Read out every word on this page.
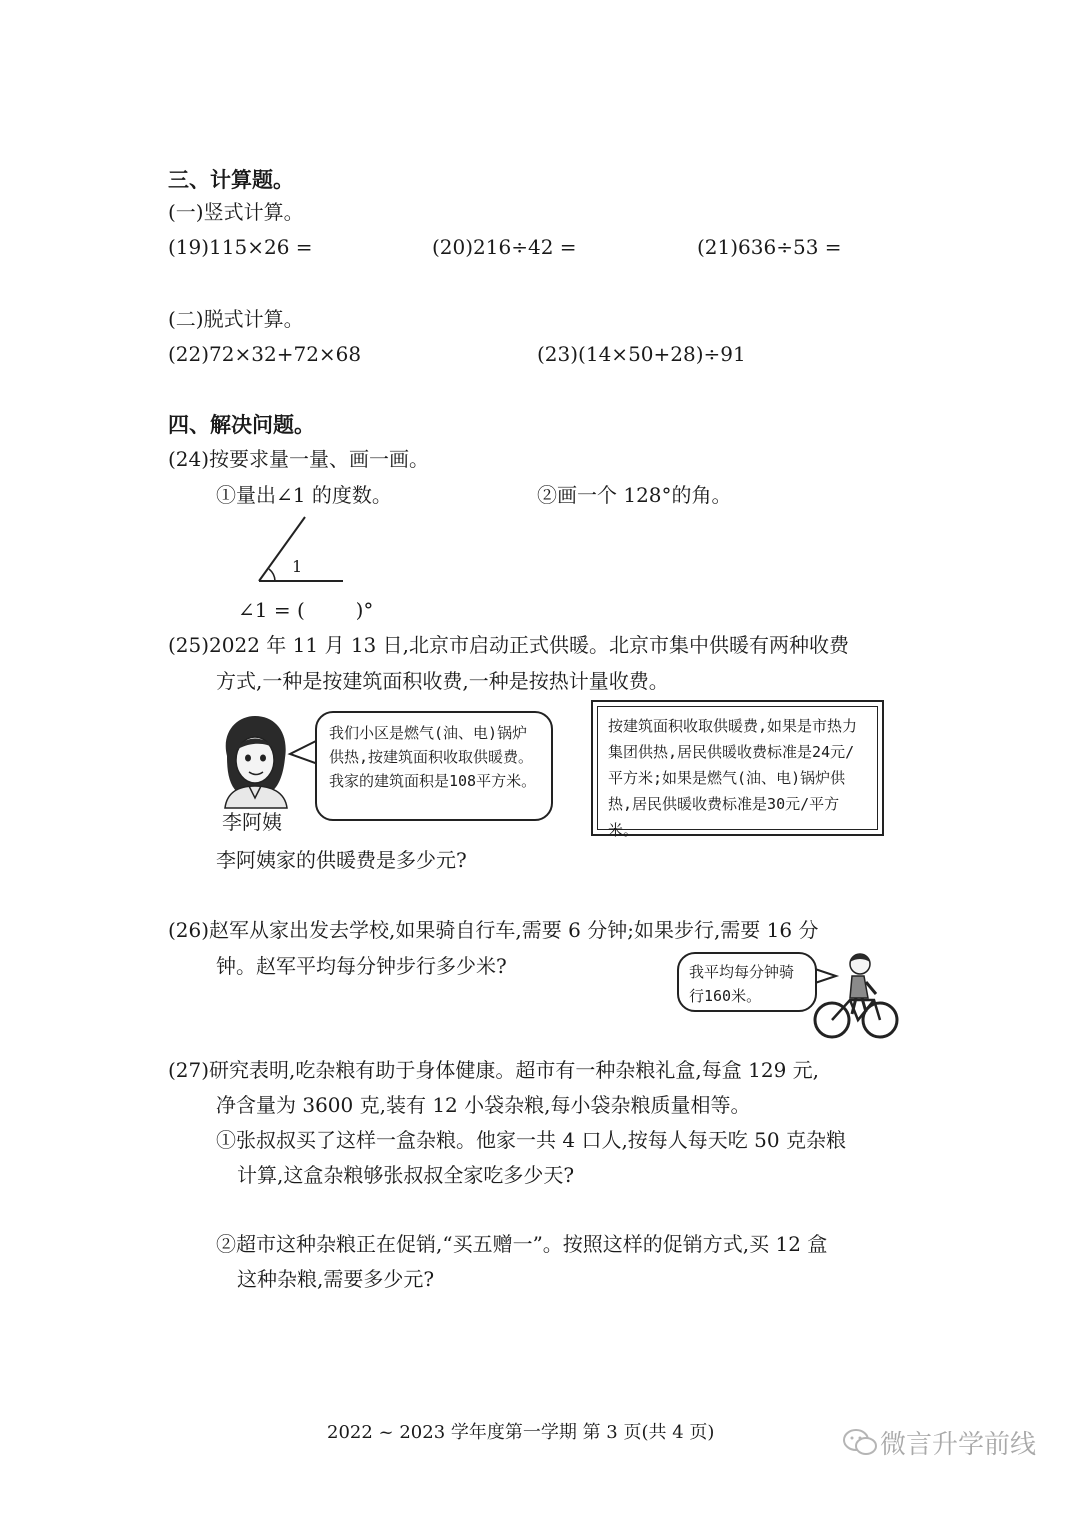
三、计算题。
(一)竖式计算。
(19)115×26 =	(20)216÷42 =	(21)636÷53 =
(二)脱式计算。
(22)72×32+72×68	(23)(14×50+28)÷91
四、解决问题。
(24)按要求量一量、画一画。
①量出∠1 的度数。	②画一个 128°的角。
1
∠1 = (        )°
(25)2022 年 11 月 13 日,北京市启动正式供暖。北京市集中供暖有两种收费
方式,一种是按建筑面积收费,一种是按热计量收费。
李阿姨
我们小区是燃气(油、电)锅炉供热,按建筑面积收取供暖费。我家的建筑面积是108平方米。
按建筑面积收取供暖费,如果是市热力集团供热,居民供暖收费标准是24元/平方米;如果是燃气(油、电)锅炉供热,居民供暖收费标准是30元/平方米。
李阿姨家的供暖费是多少元?
(26)赵军从家出发去学校,如果骑自行车,需要 6 分钟;如果步行,需要 16 分
钟。赵军平均每分钟步行多少米?	我平均每分钟骑行160米。
(27)研究表明,吃杂粮有助于身体健康。超市有一种杂粮礼盒,每盒 129 元,
净含量为 3600 克,装有 12 小袋杂粮,每小袋杂粮质量相等。
①张叔叔买了这样一盒杂粮。他家一共 4 口人,按每人每天吃 50 克杂粮
计算,这盒杂粮够张叔叔全家吃多少天?
②超市这种杂粮正在促销,“买五赠一”。按照这样的促销方式,买 12 盒
这种杂粮,需要多少元?
2022 ~ 2023 学年度第一学期 第 3 页(共 4 页)	微言升学前线
